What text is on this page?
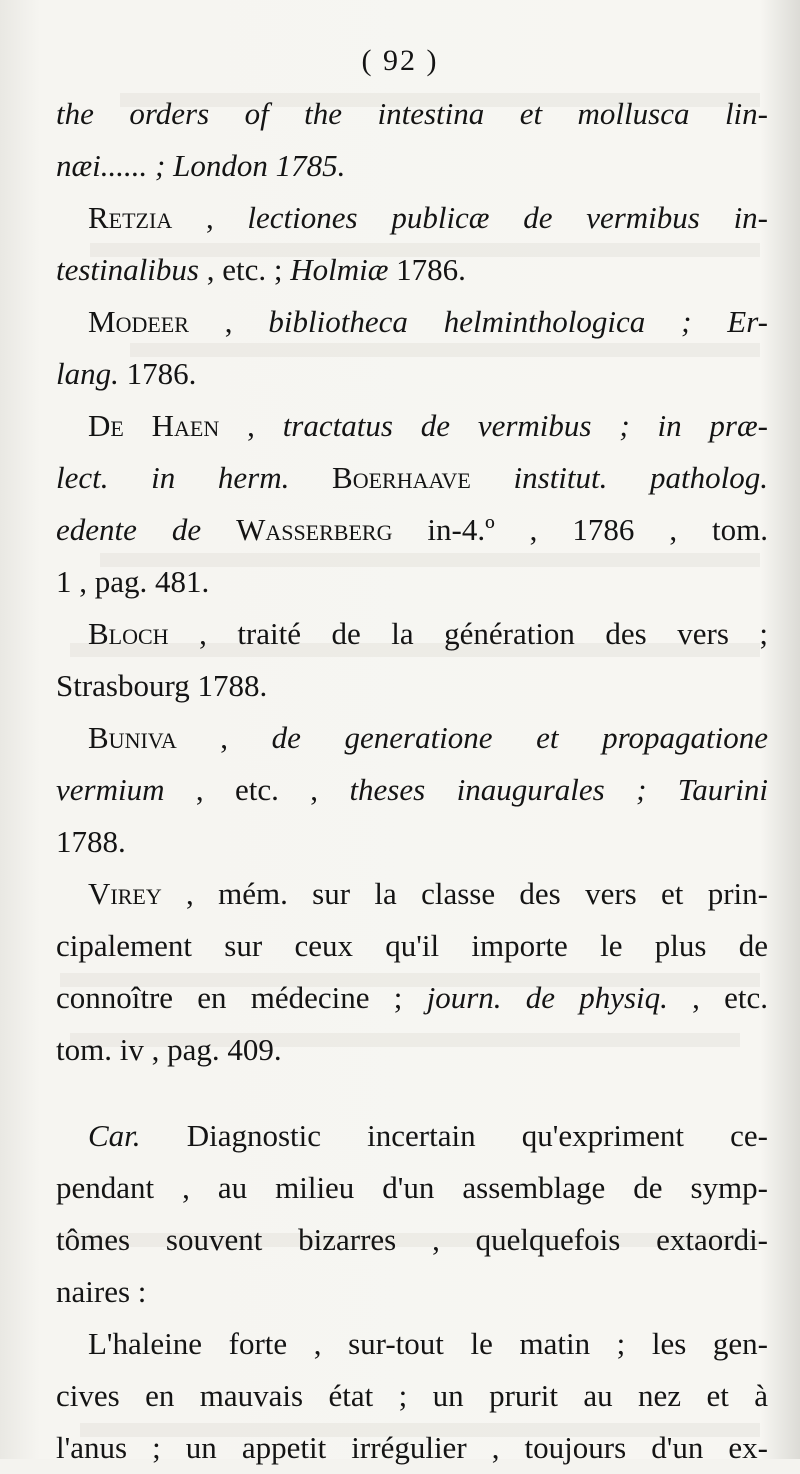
( 92 )
the orders of the intestina et mollusca lin-
næi...... ; London 1785.
Retzia , lectiones publicæ de vermibus in-
testinalibus , etc. ; Holmiæ 1786.
Modeer , bibliotheca helminthologica ; Er-
lang. 1786.
De Haen , tractatus de vermibus ; in præ-
lect. in herm. Boerhaave institut. patholog.
edente de Wasserberg in-4.º , 1786 , tom.
1 , pag. 481.
Bloch , traité de la génération des vers ;
Strasbourg 1788.
Buniva , de generatione et propagatione
vermium , etc. , theses inaugurales ; Taurini
1788.
Virey , mém. sur la classe des vers et prin-
cipalement sur ceux qu'il importe le plus de
connoître en médecine ; journ. de physiq. , etc.
tom. iv , pag. 409.
Car. Diagnostic incertain qu'expriment ce-
pendant , au milieu d'un assemblage de symp-
tômes souvent bizarres , quelquefois extaordi-
naires :
L'haleine forte , sur-tout le matin ; les gen-
cives en mauvais état ; un prurit au nez et à
l'anus ; un appetit irrégulier , toujours d'un ex-
